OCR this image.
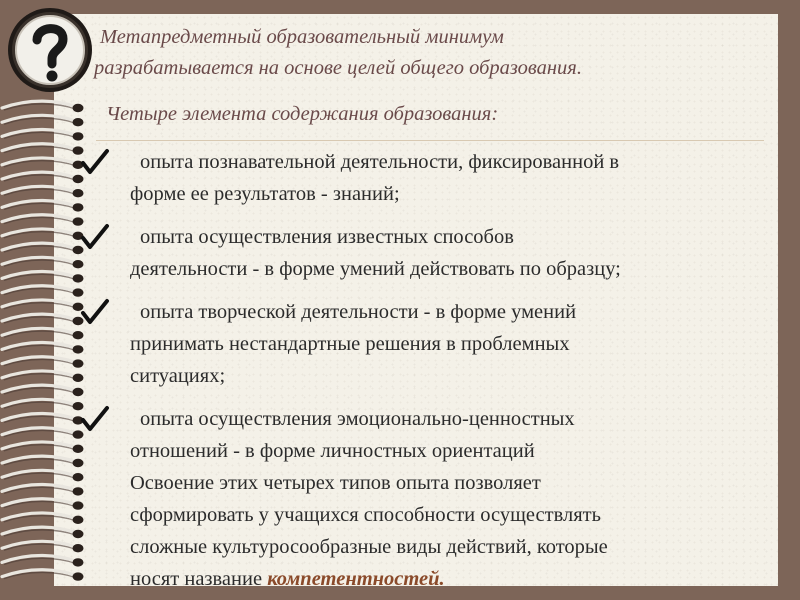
Метапредметный образовательный минимум
разрабатывается на основе целей общего образования.
Четыре элемента содержания образования:
опыта познавательной деятельности, фиксированной в
форме ее результатов - знаний;
опыта осуществления известных способов
деятельности - в форме умений действовать по образцу;
опыта творческой деятельности - в форме умений
принимать нестандартные решения в проблемных
ситуациях;
опыта осуществления эмоционально-ценностных
отношений - в форме личностных ориентаций
Освоение этих четырех типов опыта позволяет
сформировать у учащихся способности осуществлять
сложные культуросообразные виды действий, которые
носят название компетентностей.
